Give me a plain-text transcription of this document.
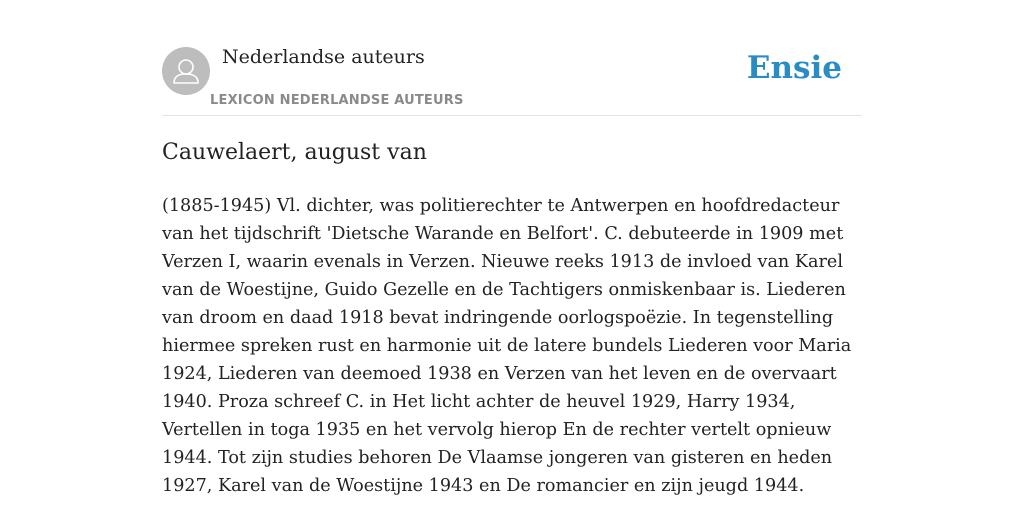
Nederlandse auteurs
LEXICON NEDERLANDSE AUTEURS
Ensie
Cauwelaert, august van

(1885-1945) Vl. dichter, was politierechter te Antwerpen en hoofdredacteur van het tijdschrift 'Dietsche Warande en Belfort'. C. debuteerde in 1909 met Verzen I, waarin evenals in Verzen. Nieuwe reeks 1913 de invloed van Karel van de Woestijne, Guido Gezelle en de Tachtigers onmiskenbaar is. Liederen van droom en daad 1918 bevat indringende oorlogspoëzie. In tegenstelling hiermee spreken rust en harmonie uit de latere bundels Liederen voor Maria 1924, Liederen van deemoed 1938 en Verzen van het leven en de overvaart 1940. Proza schreef C. in Het licht achter de heuvel 1929, Harry 1934, Vertellen in toga 1935 en het vervolg hierop En de rechter vertelt opnieuw 1944. Tot zijn studies behoren De Vlaamse jongeren van gisteren en heden 1927, Karel van de Woestijne 1943 en De romancier en zijn jeugd 1944.
